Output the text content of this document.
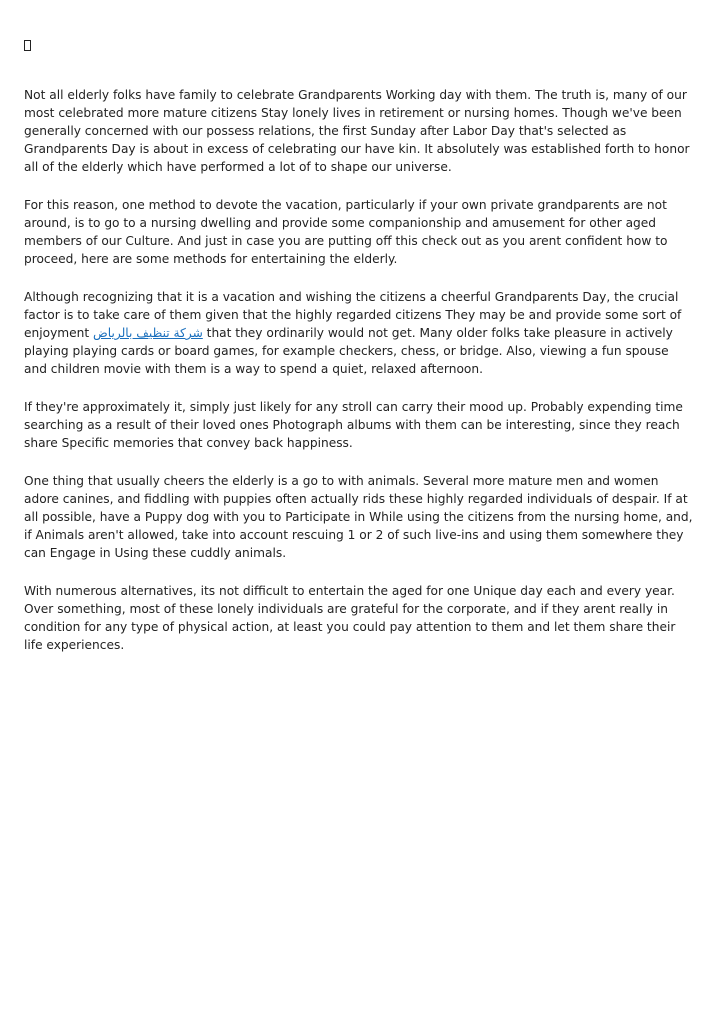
Not all elderly folks have family to celebrate Grandparents Working day with them. The truth is, many of our most celebrated more mature citizens Stay lonely lives in retirement or nursing homes. Though we've been generally concerned with our possess relations, the first Sunday after Labor Day that's selected as Grandparents Day is about in excess of celebrating our have kin. It absolutely was established forth to honor all of the elderly which have performed a lot of to shape our universe.

For this reason, one method to devote the vacation, particularly if your own private grandparents are not around, is to go to a nursing dwelling and provide some companionship and amusement for other aged members of our Culture. And just in case you are putting off this check out as you arent confident how to proceed, here are some methods for entertaining the elderly.

Although recognizing that it is a vacation and wishing the citizens a cheerful Grandparents Day, the crucial factor is to take care of them given that the highly regarded citizens They may be and provide some sort of enjoyment شركة تنظيف بالرياض that they ordinarily would not get. Many older folks take pleasure in actively playing playing cards or board games, for example checkers, chess, or bridge. Also, viewing a fun spouse and children movie with them is a way to spend a quiet, relaxed afternoon.

If they're approximately it, simply just likely for any stroll can carry their mood up. Probably expending time searching as a result of their loved ones Photograph albums with them can be interesting, since they reach share Specific memories that convey back happiness.

One thing that usually cheers the elderly is a go to with animals. Several more mature men and women adore canines, and fiddling with puppies often actually rids these highly regarded individuals of despair. If at all possible, have a Puppy dog with you to Participate in While using the citizens from the nursing home, and, if Animals aren't allowed, take into account rescuing 1 or 2 of such live-ins and using them somewhere they can Engage in Using these cuddly animals.

With numerous alternatives, its not difficult to entertain the aged for one Unique day each and every year. Over something, most of these lonely individuals are grateful for the corporate, and if they arent really in condition for any type of physical action, at least you could pay attention to them and let them share their life experiences.
